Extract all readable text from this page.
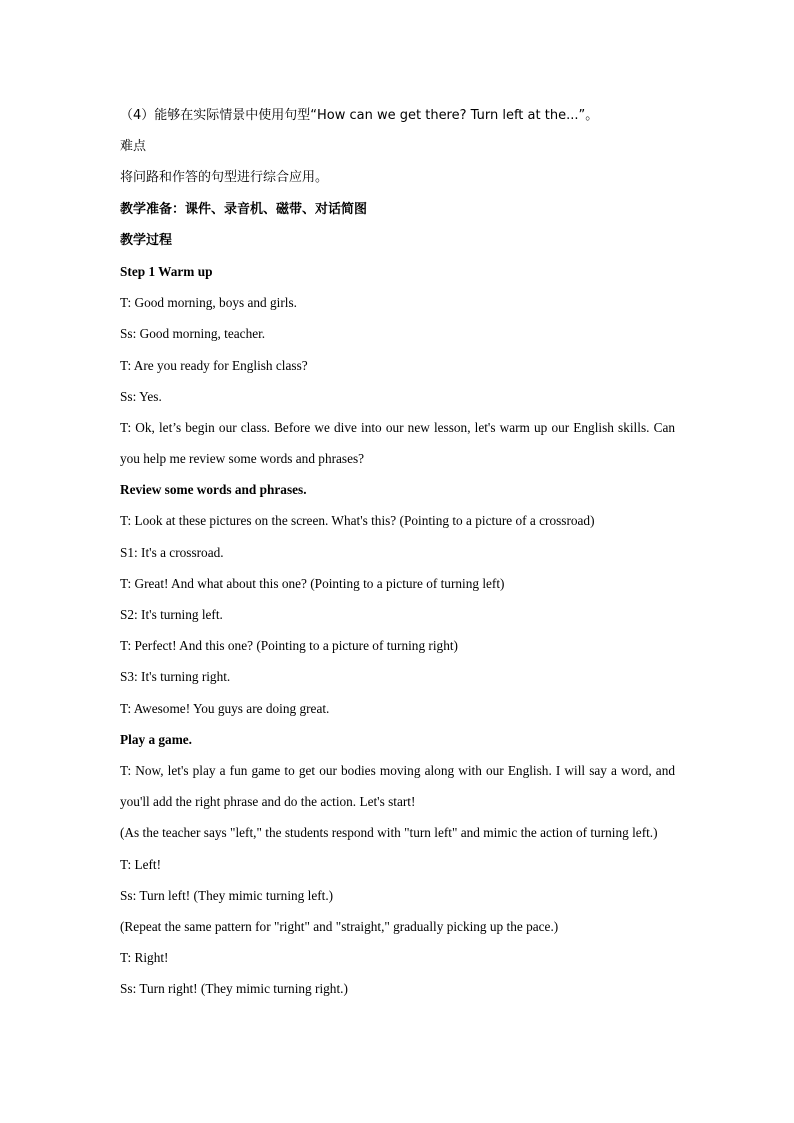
（4）能够在实际情景中使用句型“How can we get there? Turn left at the...”。

难点

将问路和作答的句型进行综合应用。

教学准备：课件、录音机、磁带、对话简图

教学过程

Step 1 Warm up

T: Good morning, boys and girls.

Ss: Good morning, teacher.

T: Are you ready for English class?

Ss: Yes.

T: Ok, let’s begin our class. Before we dive into our new lesson, let's warm up our English skills. Can you help me review some words and phrases?

Review some words and phrases.

T: Look at these pictures on the screen. What's this? (Pointing to a picture of a crossroad)

S1: It's a crossroad.

T: Great! And what about this one? (Pointing to a picture of turning left)

S2: It's turning left.

T: Perfect! And this one? (Pointing to a picture of turning right)

S3: It's turning right.

T: Awesome! You guys are doing great.

Play a game.

T: Now, let's play a fun game to get our bodies moving along with our English. I will say a word, and you'll add the right phrase and do the action. Let's start!

(As the teacher says "left," the students respond with "turn left" and mimic the action of turning left.)

T: Left!

Ss: Turn left! (They mimic turning left.)

(Repeat the same pattern for "right" and "straight," gradually picking up the pace.)

T: Right!

Ss: Turn right! (They mimic turning right.)
